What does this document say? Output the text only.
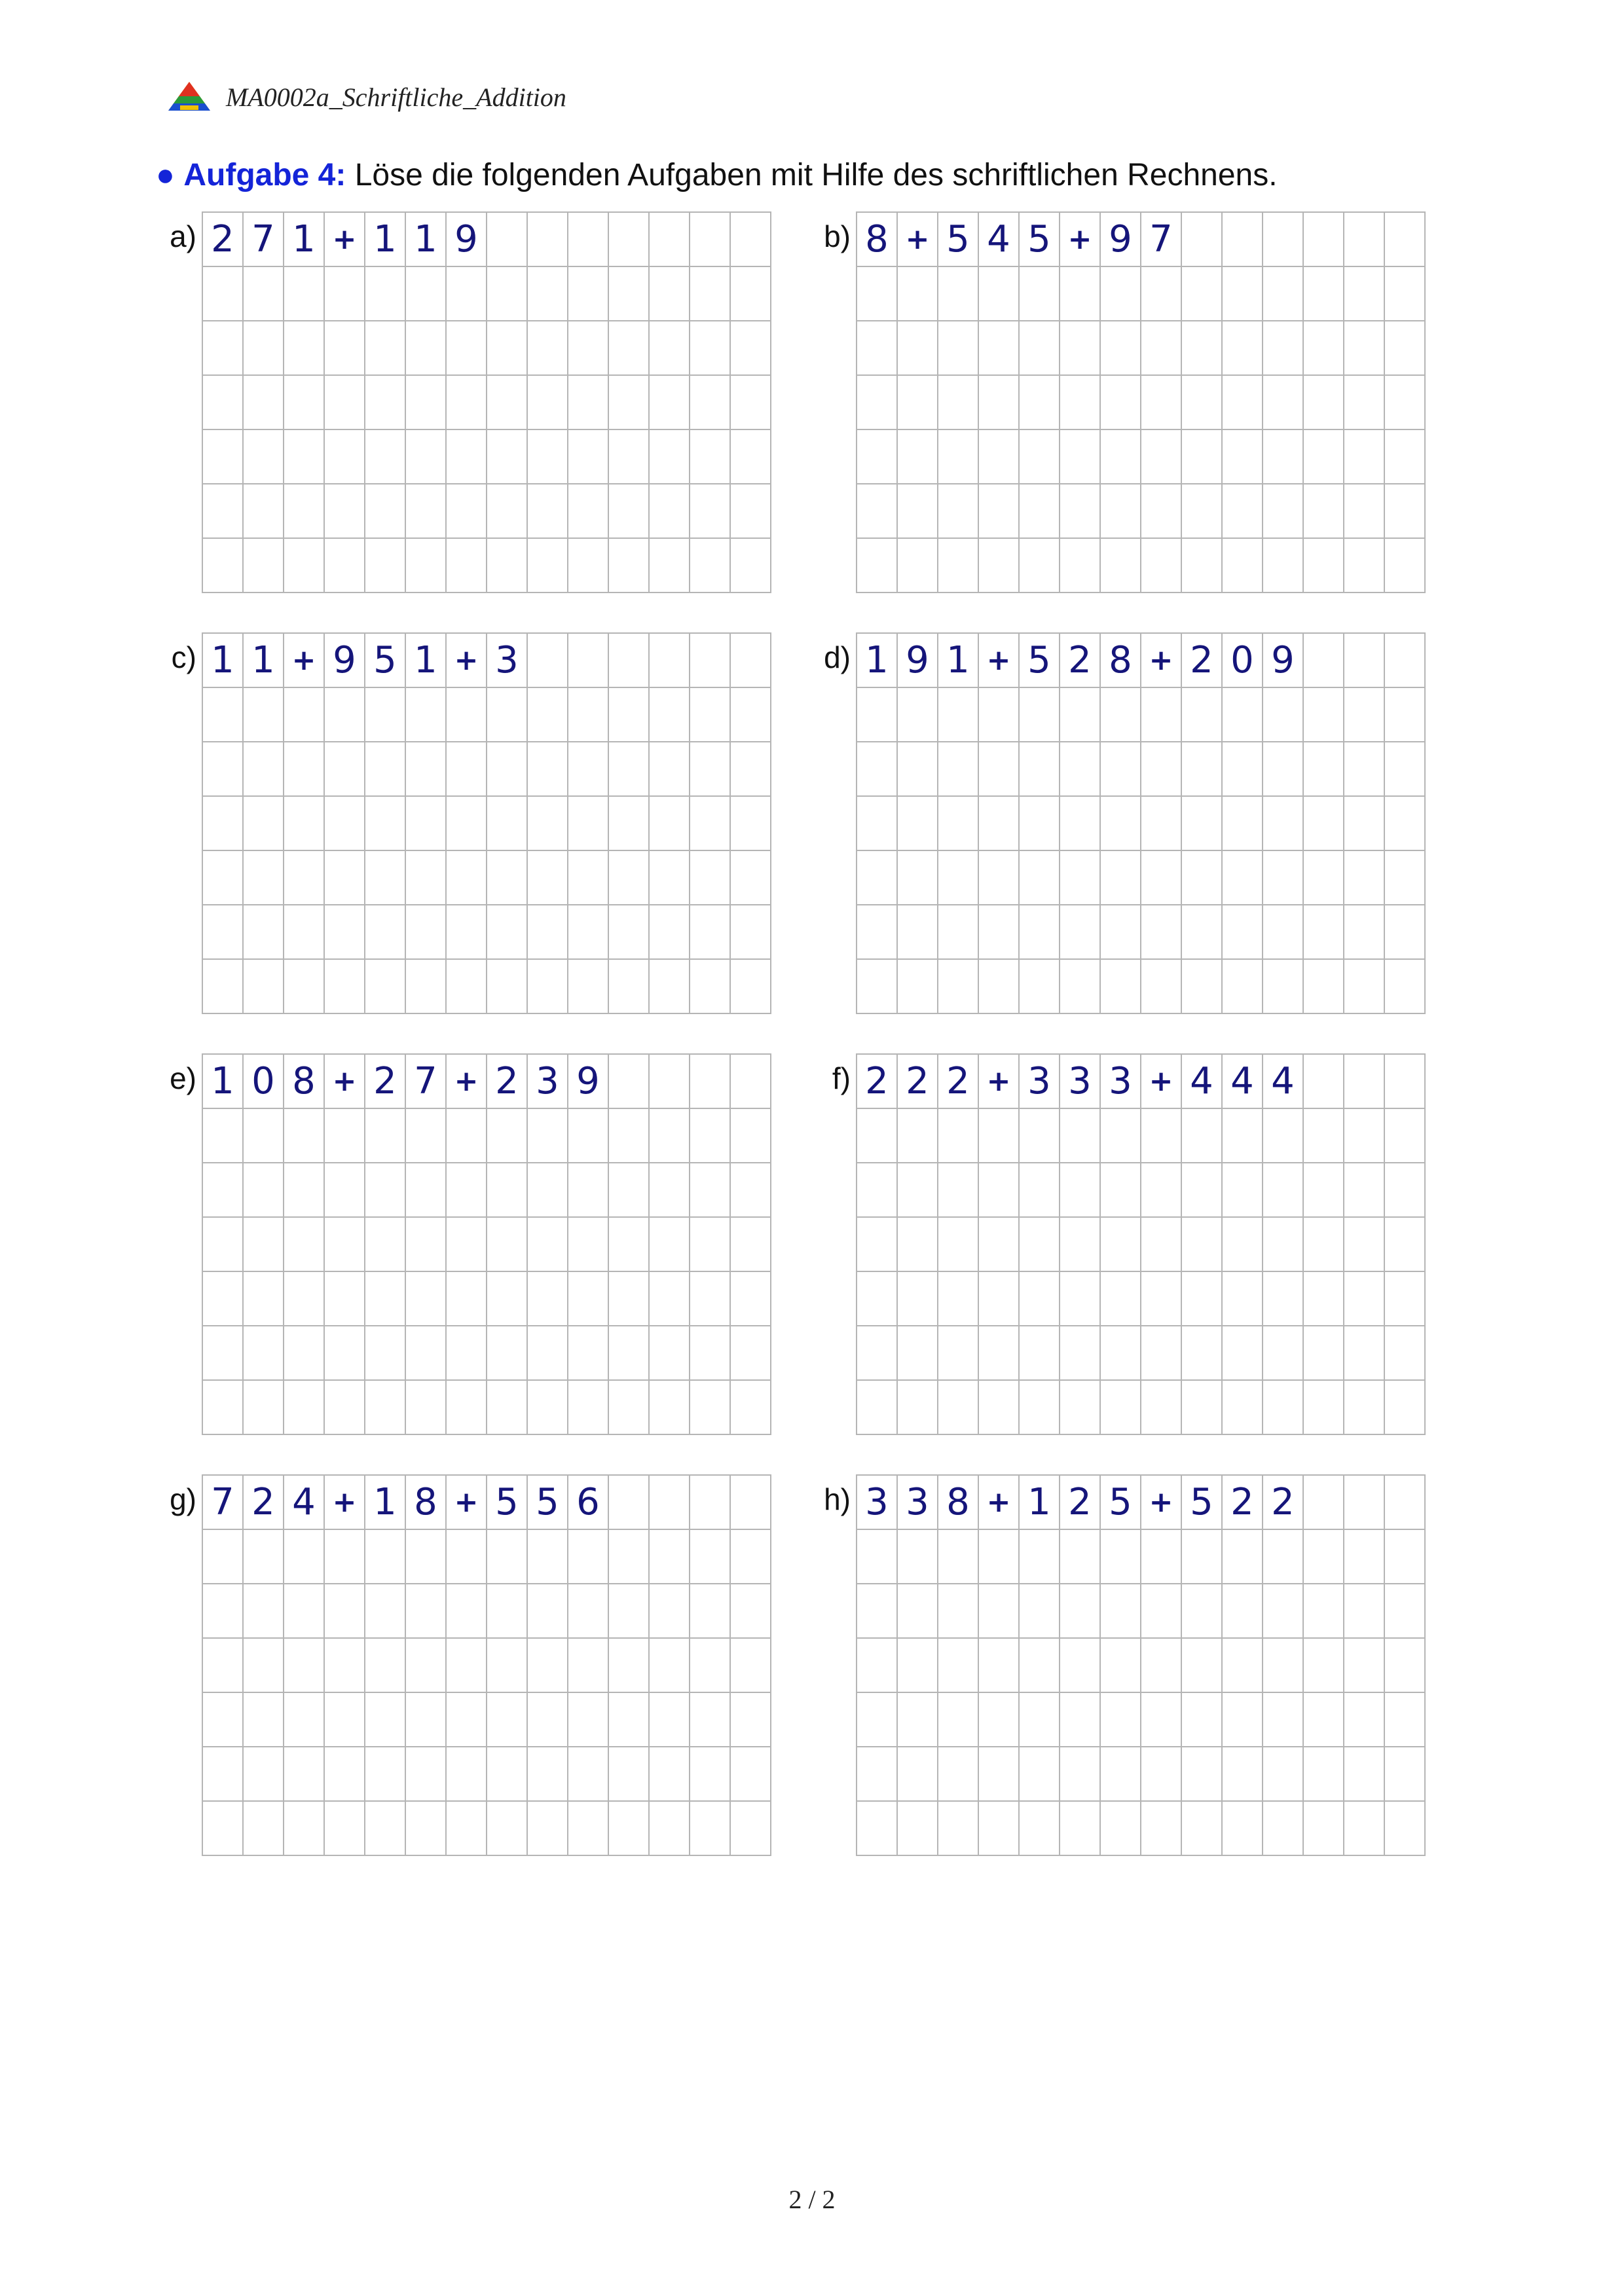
MA0002a_Schriftliche_Addition
● Aufgabe 4: Löse die folgenden Aufgaben mit Hilfe des schriftlichen Rechnens.
a) 2 7 1 + 1 1 9	b) 8 + 5 4 5 + 9 7
c) 1 1 + 9 5 1 + 3	d) 1 9 1 + 5 2 8 + 2 0 9
e) 1 0 8 + 2 7 + 2 3 9	f) 2 2 2 + 3 3 3 + 4 4 4
g) 7 2 4 + 1 8 + 5 5 6	h) 3 3 8 + 1 2 5 + 5 2 2
2 / 2
